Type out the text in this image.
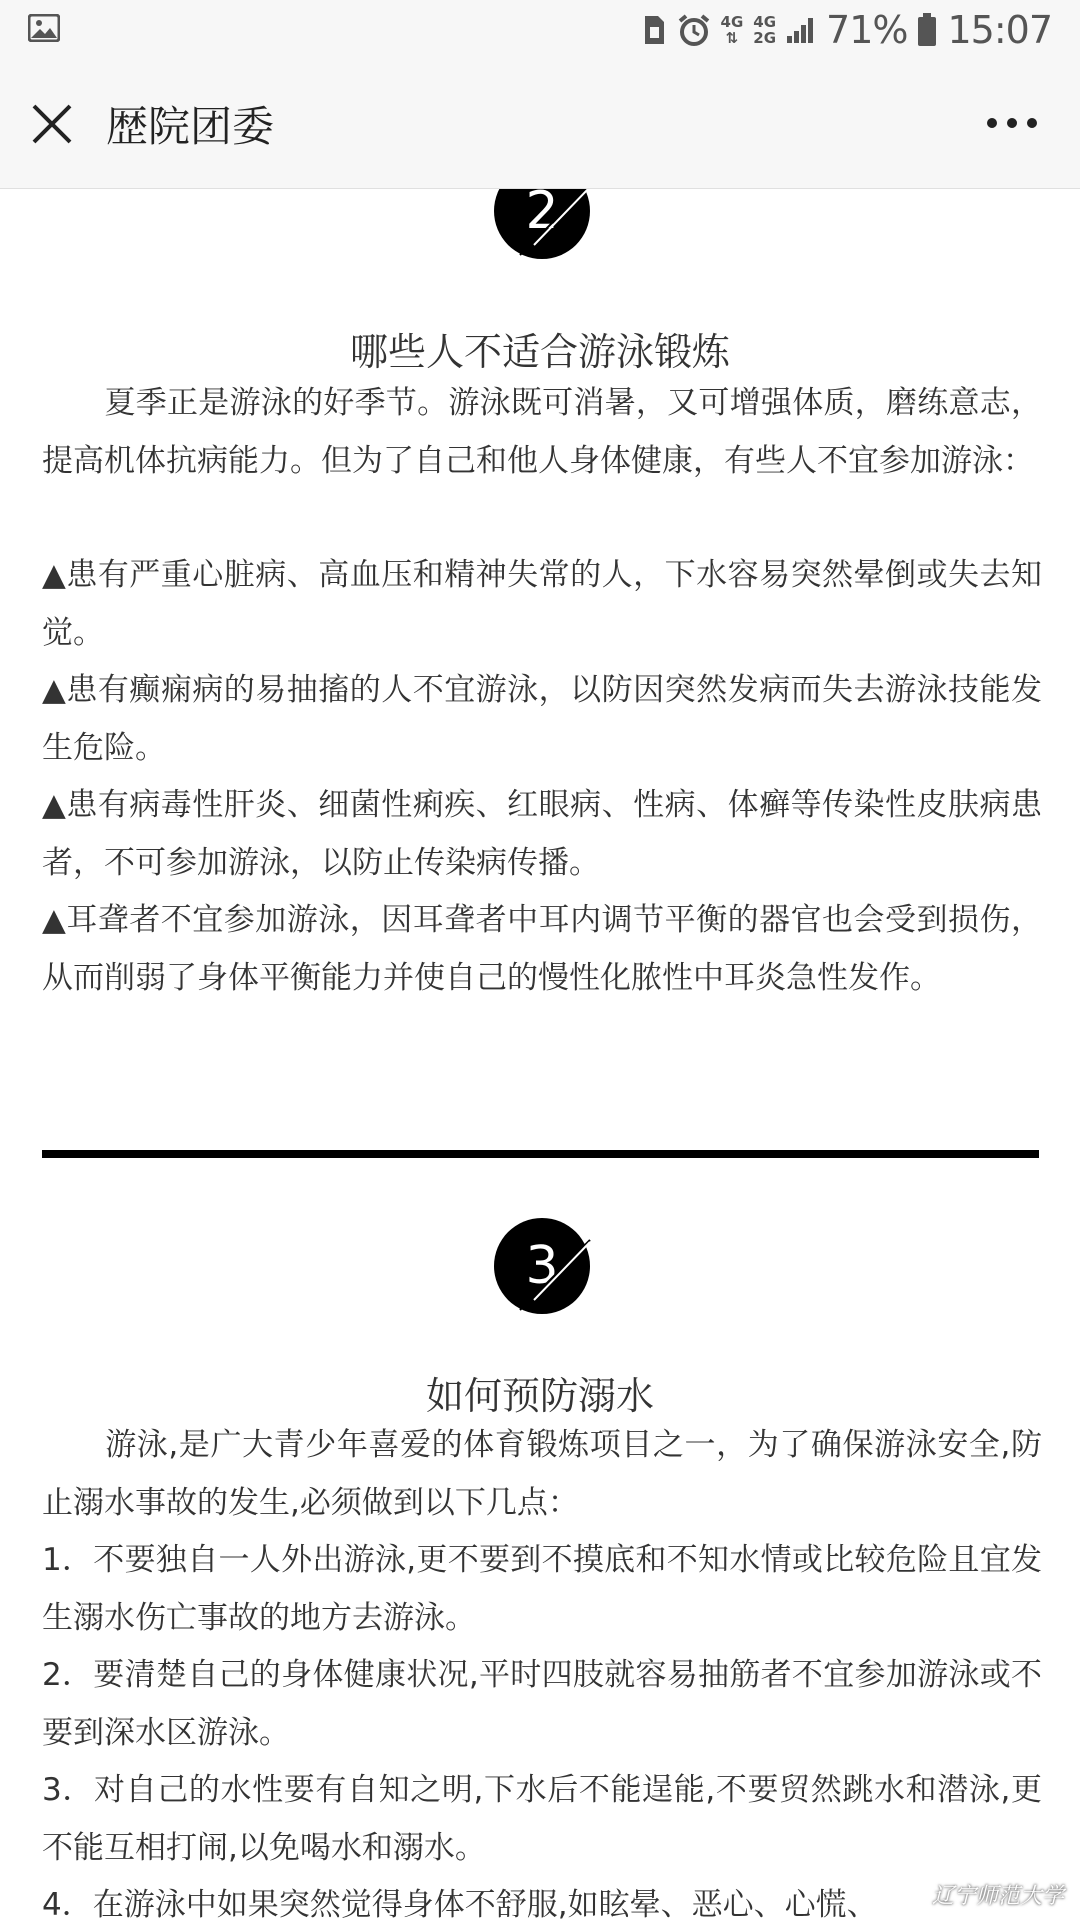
4G
⇅
4G
2G 71% 15:07
歴院团委
2
哪些人不适合游泳锻炼

　　夏季正是游泳的好季节。游泳既可消暑，又可增强体质，磨练意志，提高机体抗病能力。但为了自己和他人身体健康，有些人不宜参加游泳：

▲患有严重心脏病、高血压和精神失常的人，下水容易突然晕倒或失去知觉。

▲患有癫痫病的易抽搐的人不宜游泳，以防因突然发病而失去游泳技能发生危险。

▲患有病毒性肝炎、细菌性痢疾、红眼病、性病、体癣等传染性皮肤病患者，不可参加游泳，以防止传染病传播。

▲耳聋者不宜参加游泳，因耳聋者中耳内调节平衡的器官也会受到损伤，从而削弱了身体平衡能力并使自己的慢性化脓性中耳炎急性发作。

3
如何预防溺水

　　游泳,是广大青少年喜爱的体育锻炼项目之一，为了确保游泳安全,防止溺水事故的发生,必须做到以下几点：

1．不要独自一人外出游泳,更不要到不摸底和不知水情或比较危险且宜发生溺水伤亡事故的地方去游泳。

2．要清楚自己的身体健康状况,平时四肢就容易抽筋者不宜参加游泳或不要到深水区游泳。

3．对自己的水性要有自知之明,下水后不能逞能,不要贸然跳水和潜泳,更不能互相打闹,以免喝水和溺水。

4．在游泳中如果突然觉得身体不舒服,如眩晕、恶心、心慌、	辽宁师范大学
